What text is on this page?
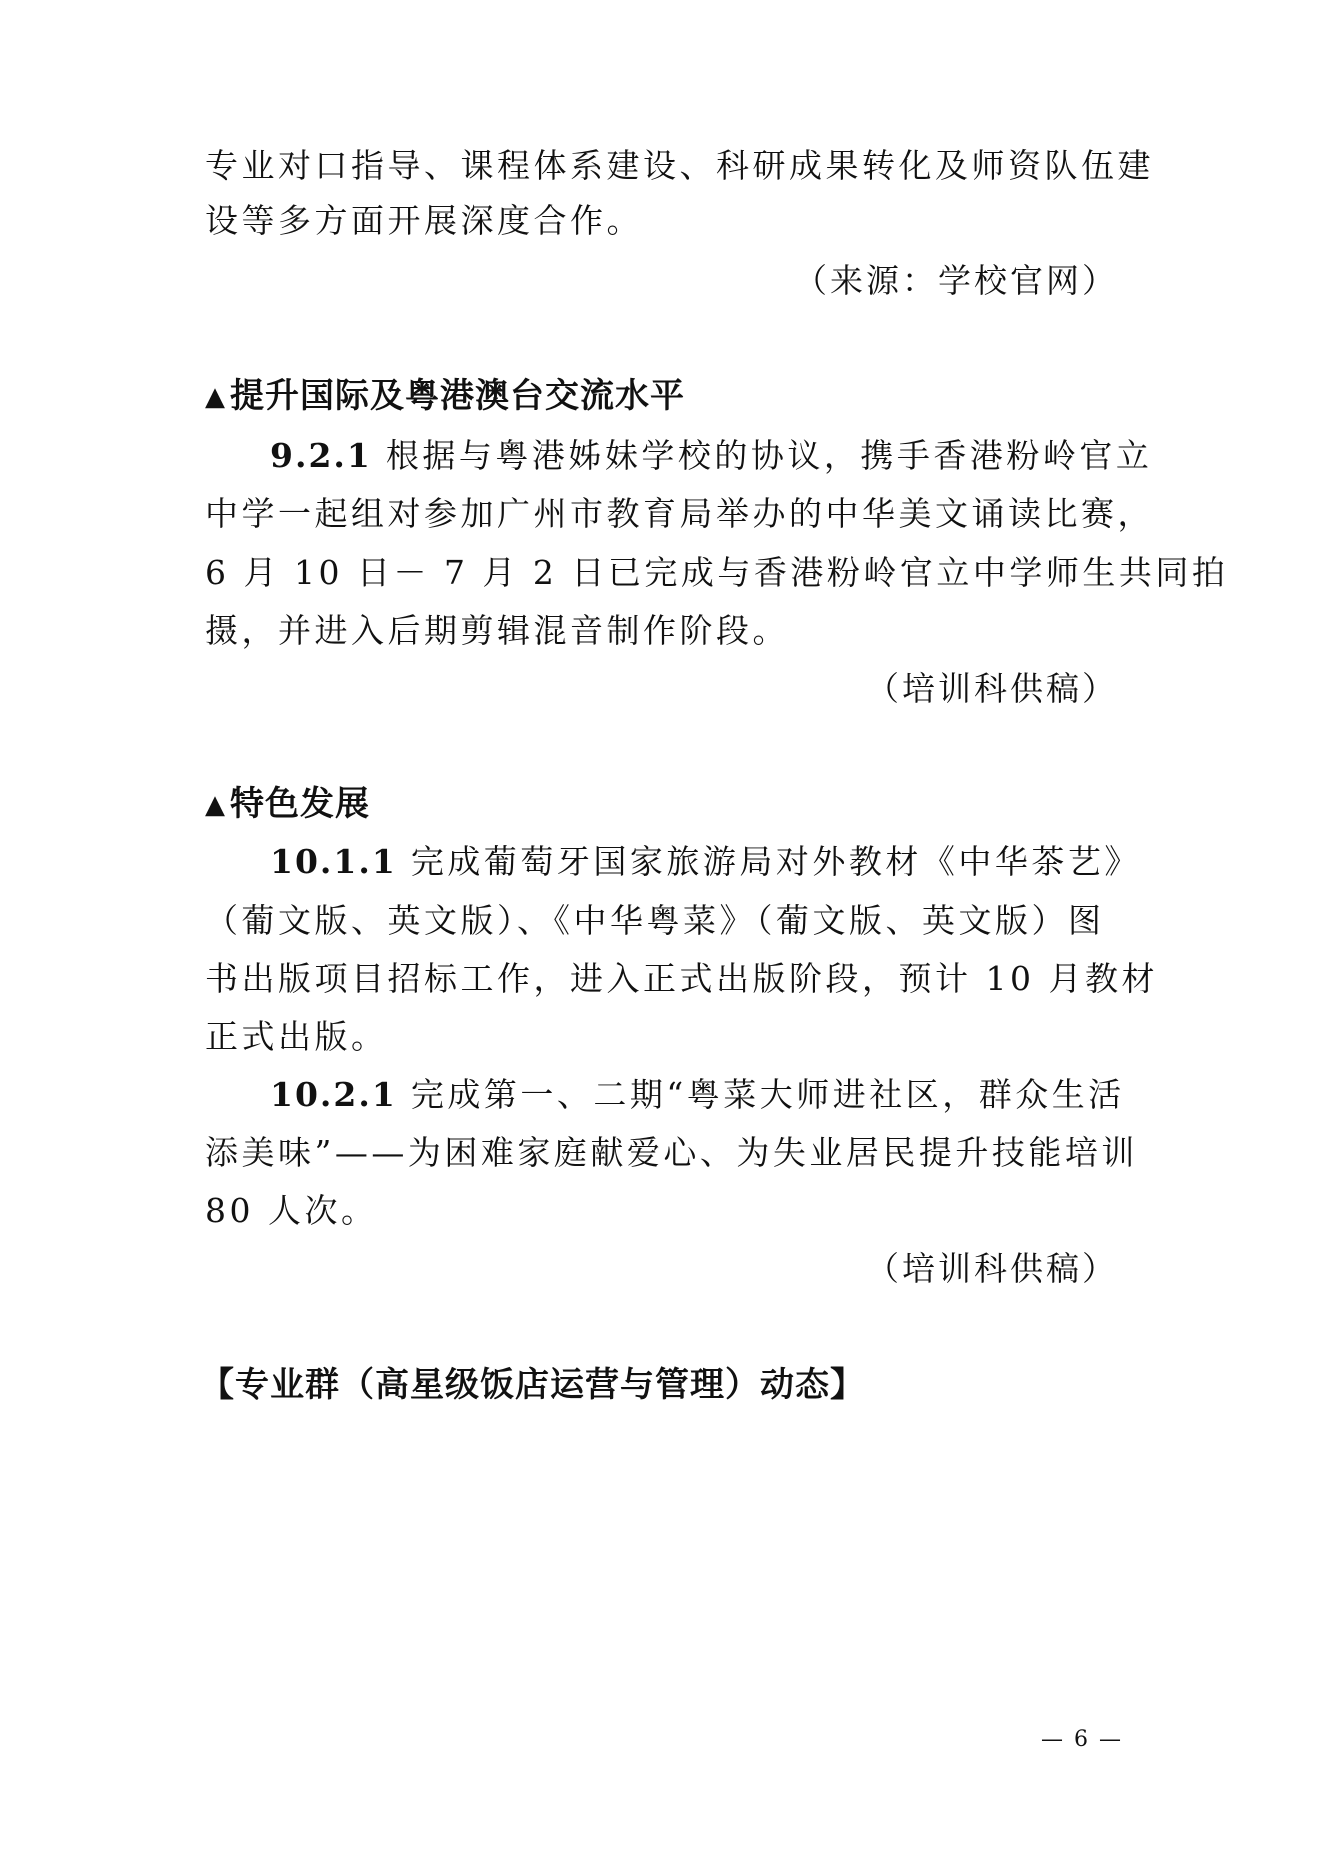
专业对口指导、课程体系建设、科研成果转化及师资队伍建
设等多方面开展深度合作。
（来源：学校官网）
▲ 提升国际及粤港澳台交流水平
9.2.1 根据与粤港姊妹学校的协议，携手香港粉岭官立
中学一起组对参加广州市教育局举办的中华美文诵读比赛，
6 月 10 日－ 7 月 2 日已完成与香港粉岭官立中学师生共同拍
摄，并进入后期剪辑混音制作阶段。
（培训科供稿）
▲ 特色发展
10.1.1 完成葡萄牙国家旅游局对外教材《中华茶艺》
（葡文版、英文版）、《中华粤菜》（葡文版、英文版）图
书出版项目招标工作，进入正式出版阶段，预计 10 月教材
正式出版。
10.2.1 完成第一、二期“粤菜大师进社区，群众生活
添美味”——为困难家庭献爱心、为失业居民提升技能培训
80 人次。
（培训科供稿）
【专业群（高星级饭店运营与管理）动态】
— 6 —
